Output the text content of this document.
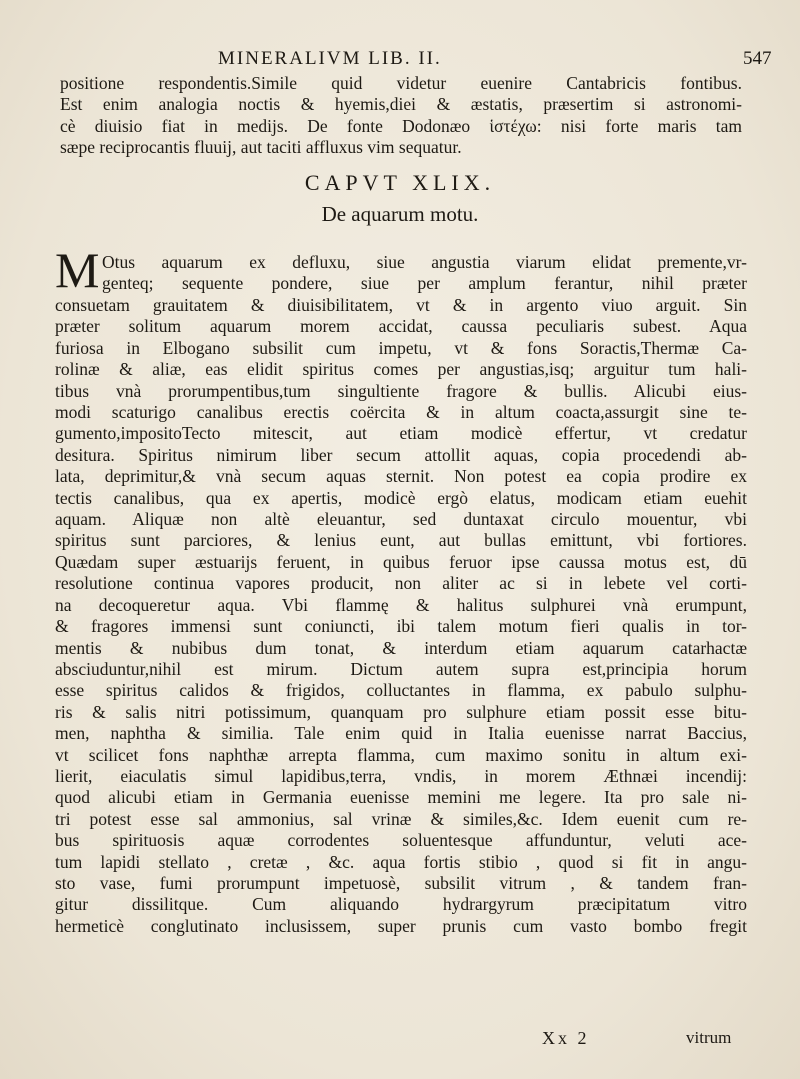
MINERALIVM LIB. II.	547
positione respondentis.Simile quid videtur euenire Cantabricis fontibus.
Est enim analogia noctis & hyemis,diei & æstatis, præsertim si astronomi-
cè diuisio fiat in medijs. De fonte Dodonæo ἱστέχω: nisi forte maris tam
sæpe reciprocantis fluuij, aut taciti affluxus vim sequatur.
CAPVT XLIX.
De aquarum motu.
M Otus aquarum ex defluxu, siue angustia viarum elidat premente,vr-
genteq; sequente pondere, siue per amplum ferantur, nihil præter
consuetam grauitatem & diuisibilitatem, vt & in argento viuo arguit. Sin
præter solitum aquarum morem accidat, caussa peculiaris subest. Aqua
furiosa in Elbogano subsilit cum impetu, vt & fons Soractis,Thermæ Ca-
rolinæ & aliæ, eas elidit spiritus comes per angustias,isq; arguitur tum hali-
tibus vnà prorumpentibus,tum singultiente fragore & bullis. Alicubi eius-
modi scaturigo canalibus erectis coërcita & in altum coacta,assurgit sine te-
gumento,impositoTecto mitescit, aut etiam modicè effertur, vt credatur
desitura. Spiritus nimirum liber secum attollit aquas, copia procedendi ab-
lata, deprimitur,& vnà secum aquas sternit. Non potest ea copia prodire ex
tectis canalibus, qua ex apertis, modicè ergò elatus, modicam etiam euehit
aquam. Aliquæ non altè eleuantur, sed duntaxat circulo mouentur, vbi
spiritus sunt parciores, & lenius eunt, aut bullas emittunt, vbi fortiores.
Quædam super æstuarijs feruent, in quibus feruor ipse caussa motus est, dū
resolutione continua vapores producit, non aliter ac si in lebete vel corti-
na decoqueretur aqua. Vbi flammę & halitus sulphurei vnà erumpunt,
& fragores immensi sunt coniuncti, ibi talem motum fieri qualis in tor-
mentis & nubibus dum tonat, & interdum etiam aquarum catarhactæ
absciuduntur,nihil est mirum. Dictum autem supra est,principia horum
esse spiritus calidos & frigidos, colluctantes in flamma, ex pabulo sulphu-
ris & salis nitri potissimum, quanquam pro sulphure etiam possit esse bitu-
men, naphtha & similia. Tale enim quid in Italia euenisse narrat Baccius,
vt scilicet fons naphthæ arrepta flamma, cum maximo sonitu in altum exi-
lierit, eiaculatis simul lapidibus,terra, vndis, in morem Æthnæi incendij:
quod alicubi etiam in Germania euenisse memini me legere. Ita pro sale ni-
tri potest esse sal ammonius, sal vrinæ & similes,&c. Idem euenit cum re-
bus spirituosis aquæ corrodentes soluentesque affunduntur, veluti ace-
tum lapidi stellato , cretæ , &c. aqua fortis stibio , quod si fit in angu-
sto vase, fumi prorumpunt impetuosè, subsilit vitrum , & tandem fran-
gitur dissilitque. Cum aliquando hydrargyrum præcipitatum vitro
hermeticè conglutinato inclusissem, super prunis cum vasto bombo fregit
Xx 2	vitrum
